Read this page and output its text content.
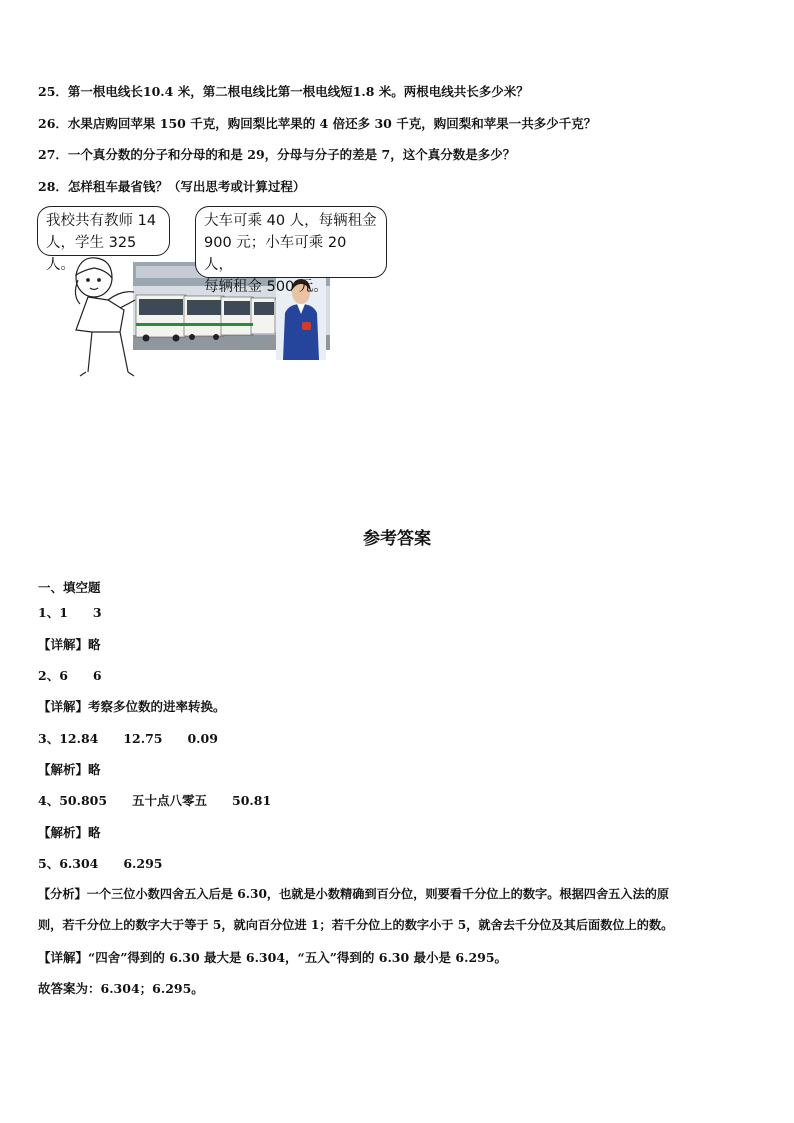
25．第一根电线长10.4 米，第二根电线比第一根电线短1.8 米。两根电线共长多少米？
26．水果店购回苹果 150 千克，购回梨比苹果的 4 倍还多 30 千克，购回梨和苹果一共多少千克？
27．一个真分数的分子和分母的和是 29，分母与分子的差是 7，这个真分数是多少？
28．怎样租车最省钱？（写出思考或计算过程）
我校共有教师 14
人，学生 325 人。
大车可乘 40 人，每辆租金
900 元；小车可乘 20 人，
每辆租金 500 元。
参考答案
一、填空题
1、1　　3
【详解】略
2、6　　6
【详解】考察多位数的进率转换。
3、12.84　　12.75　　0.09
【解析】略
4、50.805　　五十点八零五　　50.81
【解析】略
5、6.304　　6.295
【分析】一个三位小数四舍五入后是 6.30，也就是小数精确到百分位，则要看千分位上的数字。根据四舍五入法的原
则，若千分位上的数字大于等于 5，就向百分位进 1；若千分位上的数字小于 5，就舍去千分位及其后面数位上的数。
【详解】“四舍”得到的 6.30 最大是 6.304，“五入”得到的 6.30 最小是 6.295。
故答案为：6.304；6.295。
